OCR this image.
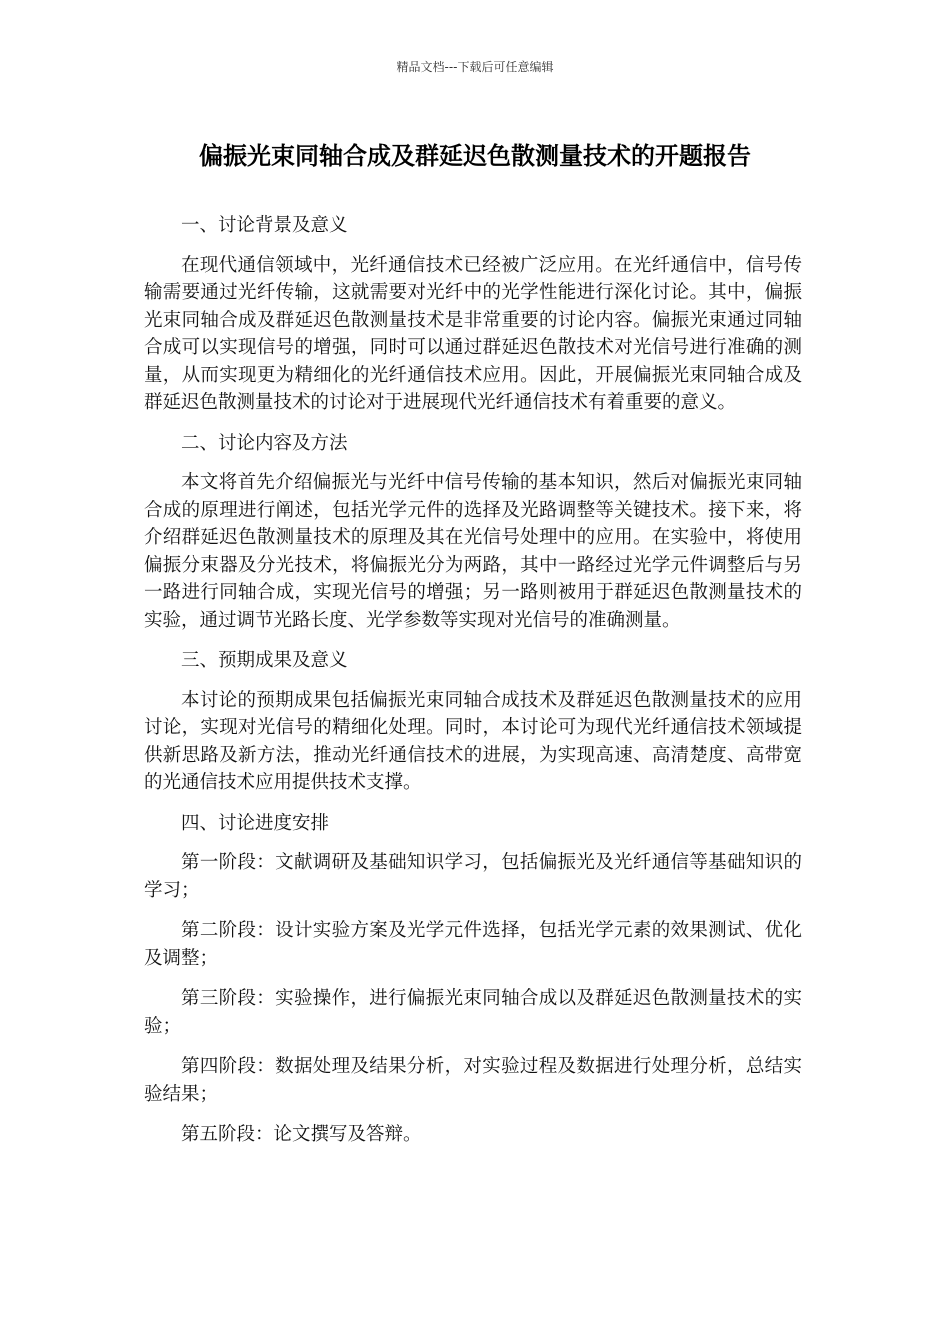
精品文档---下载后可任意编辑
偏振光束同轴合成及群延迟色散测量技术的开题报告

一、讨论背景及意义

在现代通信领域中，光纤通信技术已经被广泛应用。在光纤通信中，信号传输需要通过光纤传输，这就需要对光纤中的光学性能进行深化讨论。其中，偏振光束同轴合成及群延迟色散测量技术是非常重要的讨论内容。偏振光束通过同轴合成可以实现信号的增强，同时可以通过群延迟色散技术对光信号进行准确的测量，从而实现更为精细化的光纤通信技术应用。因此，开展偏振光束同轴合成及群延迟色散测量技术的讨论对于进展现代光纤通信技术有着重要的意义。

二、讨论内容及方法

本文将首先介绍偏振光与光纤中信号传输的基本知识，然后对偏振光束同轴合成的原理进行阐述，包括光学元件的选择及光路调整等关键技术。接下来，将介绍群延迟色散测量技术的原理及其在光信号处理中的应用。在实验中，将使用偏振分束器及分光技术，将偏振光分为两路，其中一路经过光学元件调整后与另一路进行同轴合成，实现光信号的增强；另一路则被用于群延迟色散测量技术的实验，通过调节光路长度、光学参数等实现对光信号的准确测量。

三、预期成果及意义

本讨论的预期成果包括偏振光束同轴合成技术及群延迟色散测量技术的应用讨论，实现对光信号的精细化处理。同时，本讨论可为现代光纤通信技术领域提供新思路及新方法，推动光纤通信技术的进展，为实现高速、高清楚度、高带宽的光通信技术应用提供技术支撑。

四、讨论进度安排

第一阶段：文献调研及基础知识学习，包括偏振光及光纤通信等基础知识的学习；

第二阶段：设计实验方案及光学元件选择，包括光学元素的效果测试、优化及调整；

第三阶段：实验操作，进行偏振光束同轴合成以及群延迟色散测量技术的实验；

第四阶段：数据处理及结果分析，对实验过程及数据进行处理分析，总结实验结果；

第五阶段：论文撰写及答辩。
